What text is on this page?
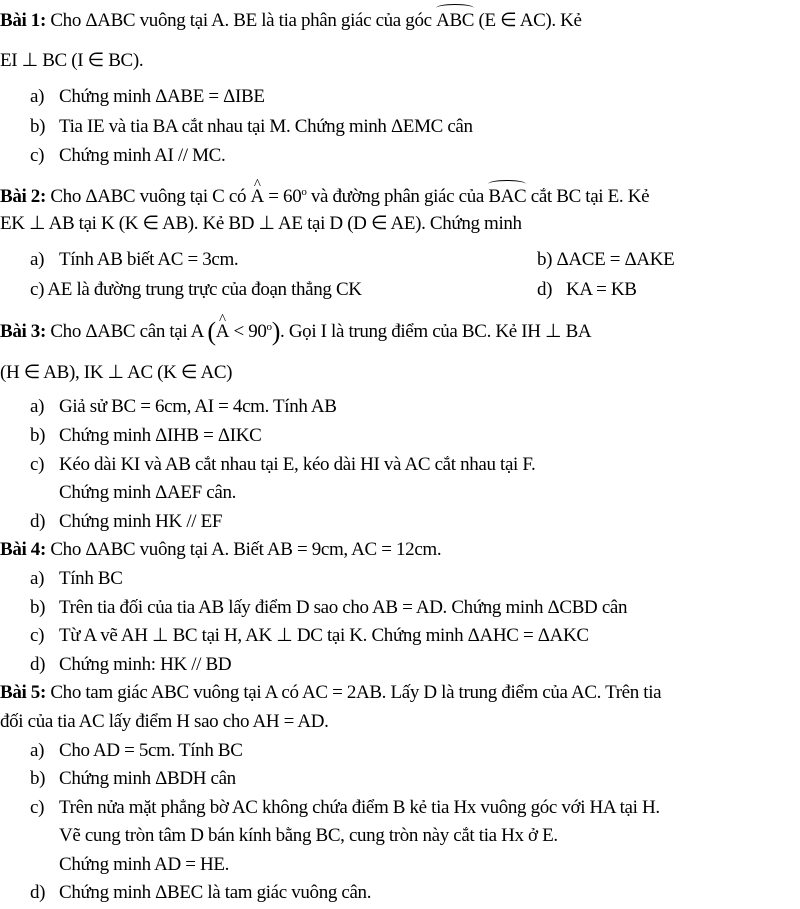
Bài 1: Cho ΔABC vuông tại A. BE là tia phân giác của góc ABC (E ∈ AC). Kẻ
EI ⊥ BC (I ∈ BC).
a) Chứng minh ΔABE = ΔIBE
b) Tia IE và tia BA cắt nhau tại M. Chứng minh ΔEMC cân
c) Chứng minh AI // MC.
Bài 2: Cho ΔABC vuông tại C có ^ $A = 60^o$ và đường phân giác của BAC cắt BC tại E. Kẻ
EK ⊥ AB tại K (K ∈ AB). Kẻ BD ⊥ AE tại D (D ∈ AE). Chứng minh
a) Tính AB biết AC = 3cm.	b) ΔACE = ΔAKE
c) AE là đường trung trực của đoạn thẳng CK	d) KA = KB
Bài 3: Cho ΔABC cân tại A (^ $A < 90^o$). Gọi I là trung điểm của BC. Kẻ IH ⊥ BA
(H ∈ AB), IK ⊥ AC (K ∈ AC)
a) Giả sử BC = 6cm, AI = 4cm. Tính AB
b) Chứng minh ΔIHB = ΔIKC
c) Kéo dài KI và AB cắt nhau tại E, kéo dài HI và AC cắt nhau tại F.
Chứng minh ΔAEF cân.
d) Chứng minh HK // EF
Bài 4: Cho ΔABC vuông tại A. Biết AB = 9cm, AC = 12cm.
a) Tính BC
b) Trên tia đối của tia AB lấy điểm D sao cho AB = AD. Chứng minh ΔCBD cân
c) Từ A vẽ AH ⊥ BC tại H, AK ⊥ DC tại K. Chứng minh ΔAHC = ΔAKC
d) Chứng minh: HK // BD
Bài 5: Cho tam giác ABC vuông tại A có AC = 2AB. Lấy D là trung điểm của AC. Trên tia
đối của tia AC lấy điểm H sao cho AH = AD.
a) Cho AD = 5cm. Tính BC
b) Chứng minh ΔBDH cân
c) Trên nửa mặt phẳng bờ AC không chứa điểm B kẻ tia Hx vuông góc với HA tại H.
Vẽ cung tròn tâm D bán kính bằng BC, cung tròn này cắt tia Hx ở E.
Chứng minh AD = HE.
d) Chứng minh ΔBEC là tam giác vuông cân.
